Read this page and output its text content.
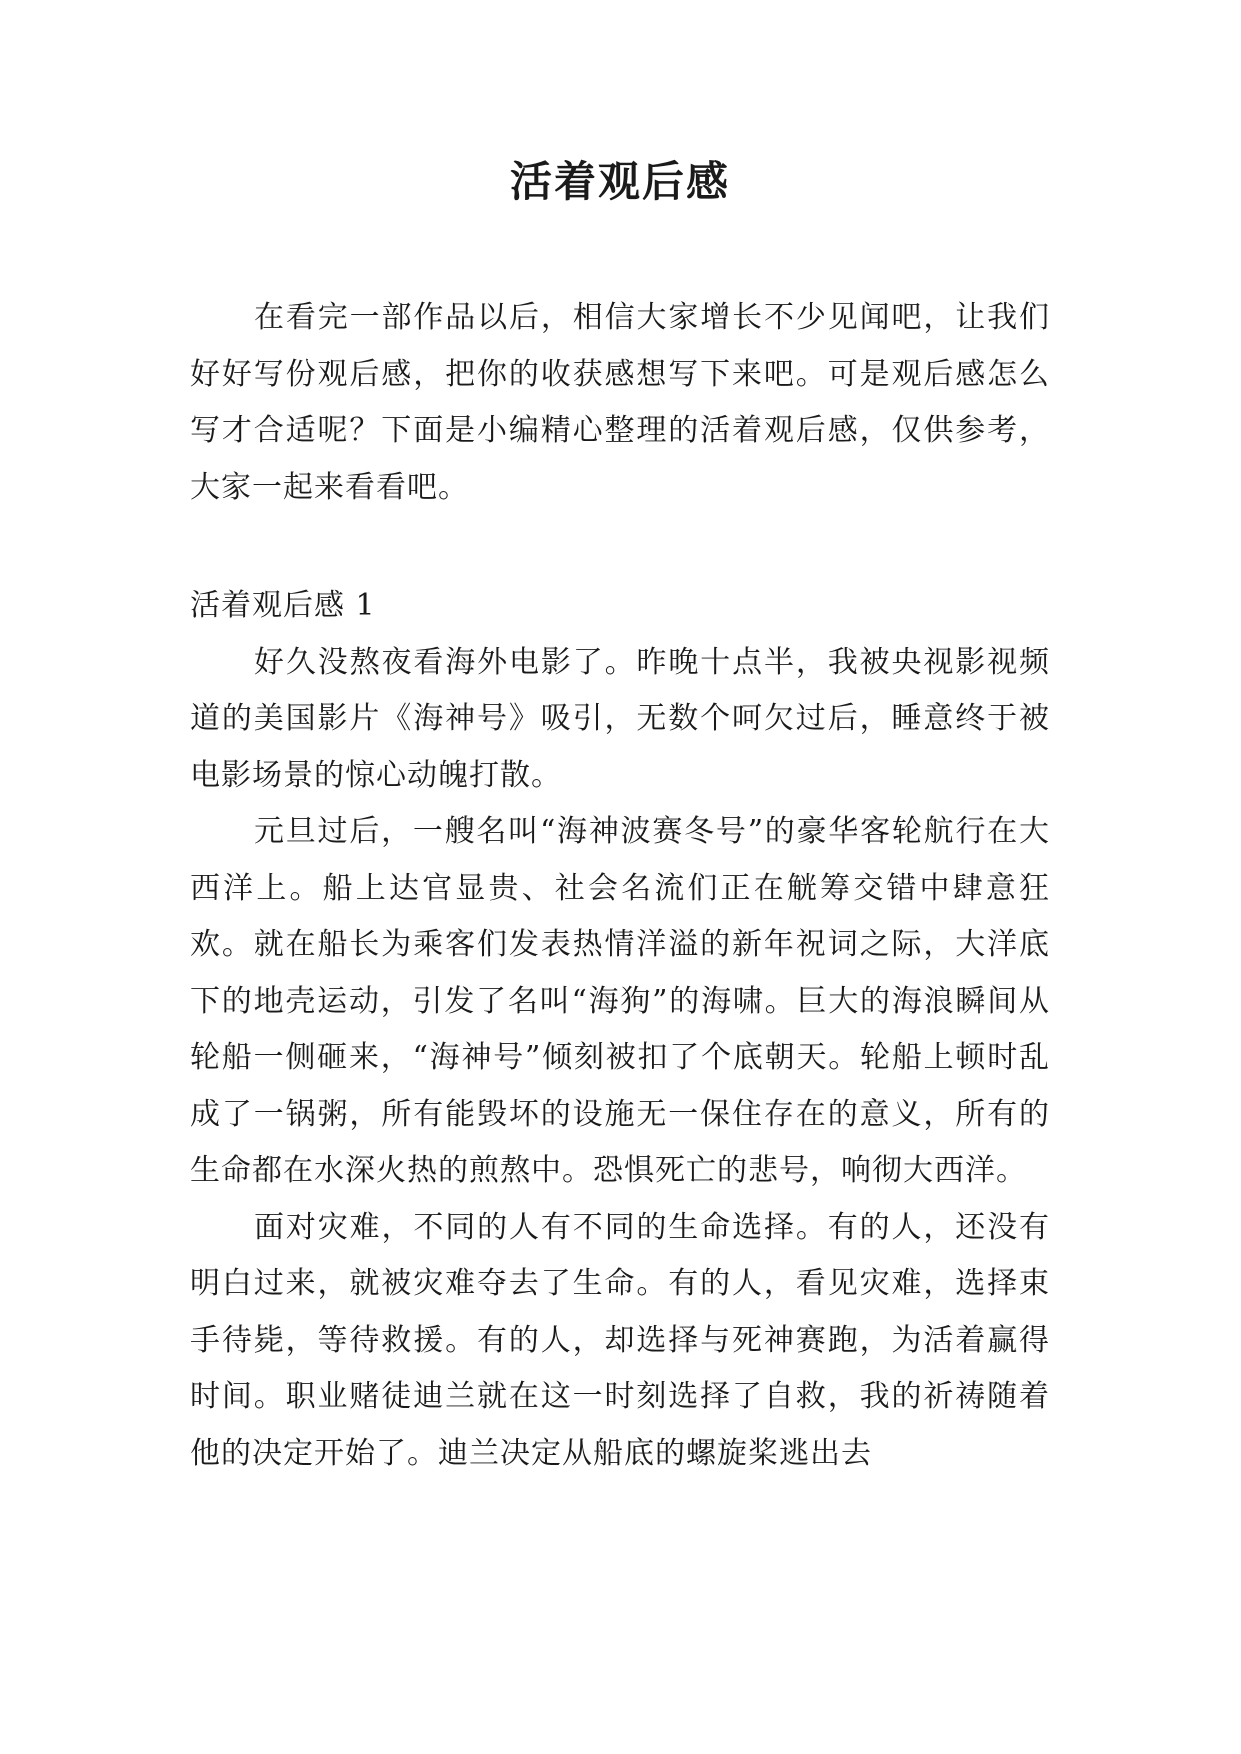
活着观后感

在看完一部作品以后，相信大家增长不少见闻吧，让我们好好写份观后感，把你的收获感想写下来吧。可是观后感怎么写才合适呢？下面是小编精心整理的活着观后感，仅供参考，大家一起来看看吧。

活着观后感 1

好久没熬夜看海外电影了。昨晚十点半，我被央视影视频道的美国影片《海神号》吸引，无数个呵欠过后，睡意终于被电影场景的惊心动魄打散。

元旦过后，一艘名叫“海神波赛冬号”的豪华客轮航行在大西洋上。船上达官显贵、社会名流们正在觥筹交错中肆意狂欢。就在船长为乘客们发表热情洋溢的新年祝词之际，大洋底下的地壳运动，引发了名叫“海狗”的海啸。巨大的海浪瞬间从轮船一侧砸来，“海神号”倾刻被扣了个底朝天。轮船上顿时乱成了一锅粥，所有能毁坏的设施无一保住存在的意义，所有的生命都在水深火热的煎熬中。恐惧死亡的悲号，响彻大西洋。

面对灾难，不同的人有不同的生命选择。有的人，还没有明白过来，就被灾难夺去了生命。有的人，看见灾难，选择束手待毙，等待救援。有的人，却选择与死神赛跑，为活着赢得时间。职业赌徒迪兰就在这一时刻选择了自救，我的祈祷随着他的决定开始了。迪兰决定从船底的螺旋桨逃出去
